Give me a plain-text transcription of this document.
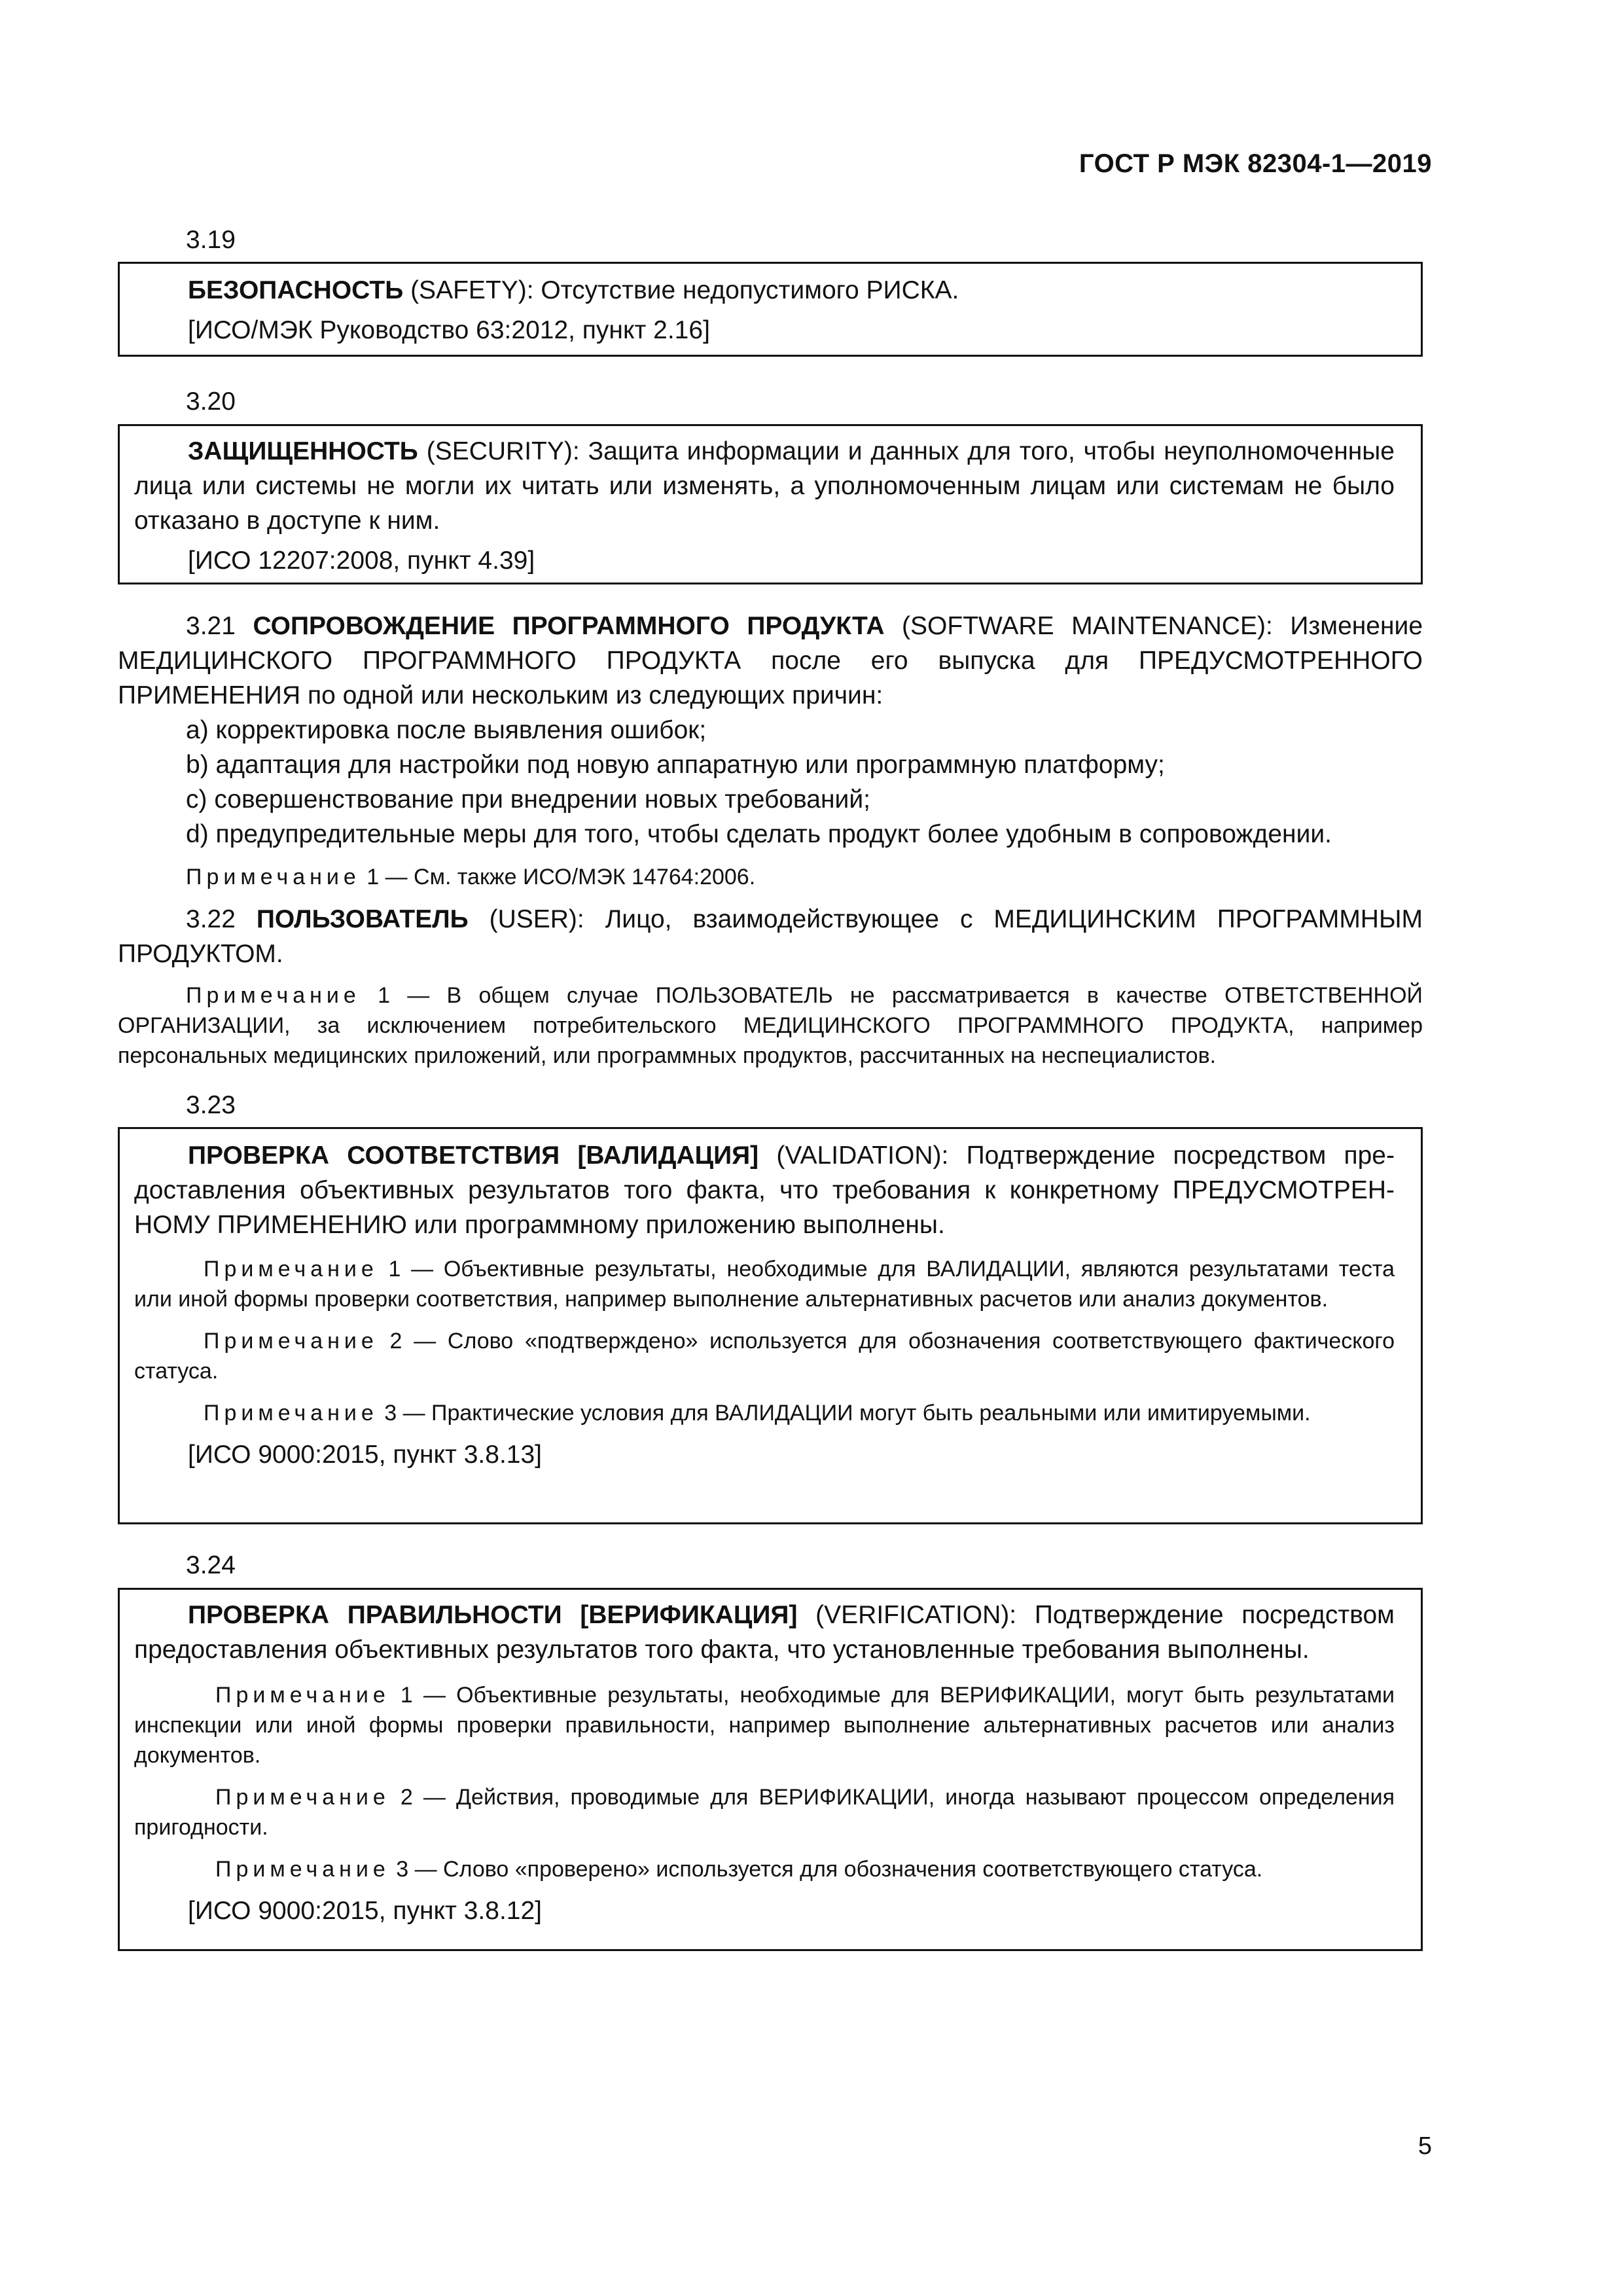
ГОСТ Р МЭК 82304-1—2019
3.19

БЕЗОПАСНОСТЬ (SAFETY): Отсутствие недопустимого РИСКА.

[ИСО/МЭК Руководство 63:2012, пункт 2.16]

3.20

ЗАЩИЩЕННОСТЬ (SECURITY): Защита информации и данных для того, чтобы неуполномоченные лица или системы не могли их читать или изменять, а уполномоченным лицам или системам не было отказано в доступе к ним.

[ИСО 12207:2008, пункт 4.39]

3.21 СОПРОВОЖДЕНИЕ ПРОГРАММНОГО ПРОДУКТА (SOFTWARE MAINTENANCE): Изменение МЕДИЦИНСКОГО ПРОГРАММНОГО ПРОДУКТА после его выпуска для ПРЕДУСМОТРЕННОГО ПРИМЕНЕНИЯ по одной или нескольким из следующих причин:

a) корректировка после выявления ошибок;

b) адаптация для настройки под новую аппаратную или программную платформу;

c) совершенствование при внедрении новых требований;

d) предупредительные меры для того, чтобы сделать продукт более удобным в сопровождении.

Примечание 1 — См. также ИСО/МЭК 14764:2006.

3.22 ПОЛЬЗОВАТЕЛЬ (USER): Лицо, взаимодействующее с МЕДИЦИНСКИМ ПРОГРАММНЫМ ПРОДУКТОМ.

Примечание 1 — В общем случае ПОЛЬЗОВАТЕЛЬ не рассматривается в качестве ОТВЕТСТВЕННОЙ ОРГАНИЗАЦИИ, за исключением потребительского МЕДИЦИНСКОГО ПРОГРАММНОГО ПРОДУКТА, например персональных медицинских приложений, или программных продуктов, рассчитанных на неспециалистов.

3.23

ПРОВЕРКА СООТВЕТСТВИЯ [ВАЛИДАЦИЯ] (VALIDATION): Подтверждение посредством предоставления объективных результатов того факта, что требования к конкретному ПРЕДУСМОТРЕННОМУ ПРИМЕНЕНИЮ или программному приложению выполнены.

Примечание 1 — Объективные результаты, необходимые для ВАЛИДАЦИИ, являются результатами теста или иной формы проверки соответствия, например выполнение альтернативных расчетов или анализ документов.

Примечание 2 — Слово «подтверждено» используется для обозначения соответствующего фактического статуса.

Примечание 3 — Практические условия для ВАЛИДАЦИИ могут быть реальными или имитируемыми.

[ИСО 9000:2015, пункт 3.8.13]

3.24

ПРОВЕРКА ПРАВИЛЬНОСТИ [ВЕРИФИКАЦИЯ] (VERIFICATION): Подтверждение посредством предоставления объективных результатов того факта, что установленные требования выполнены.

Примечание 1 — Объективные результаты, необходимые для ВЕРИФИКАЦИИ, могут быть результатами инспекции или иной формы проверки правильности, например выполнение альтернативных расчетов или анализ документов.

Примечание 2 — Действия, проводимые для ВЕРИФИКАЦИИ, иногда называют процессом определения пригодности.

Примечание 3 — Слово «проверено» используется для обозначения соответствующего статуса.

[ИСО 9000:2015, пункт 3.8.12]

5
